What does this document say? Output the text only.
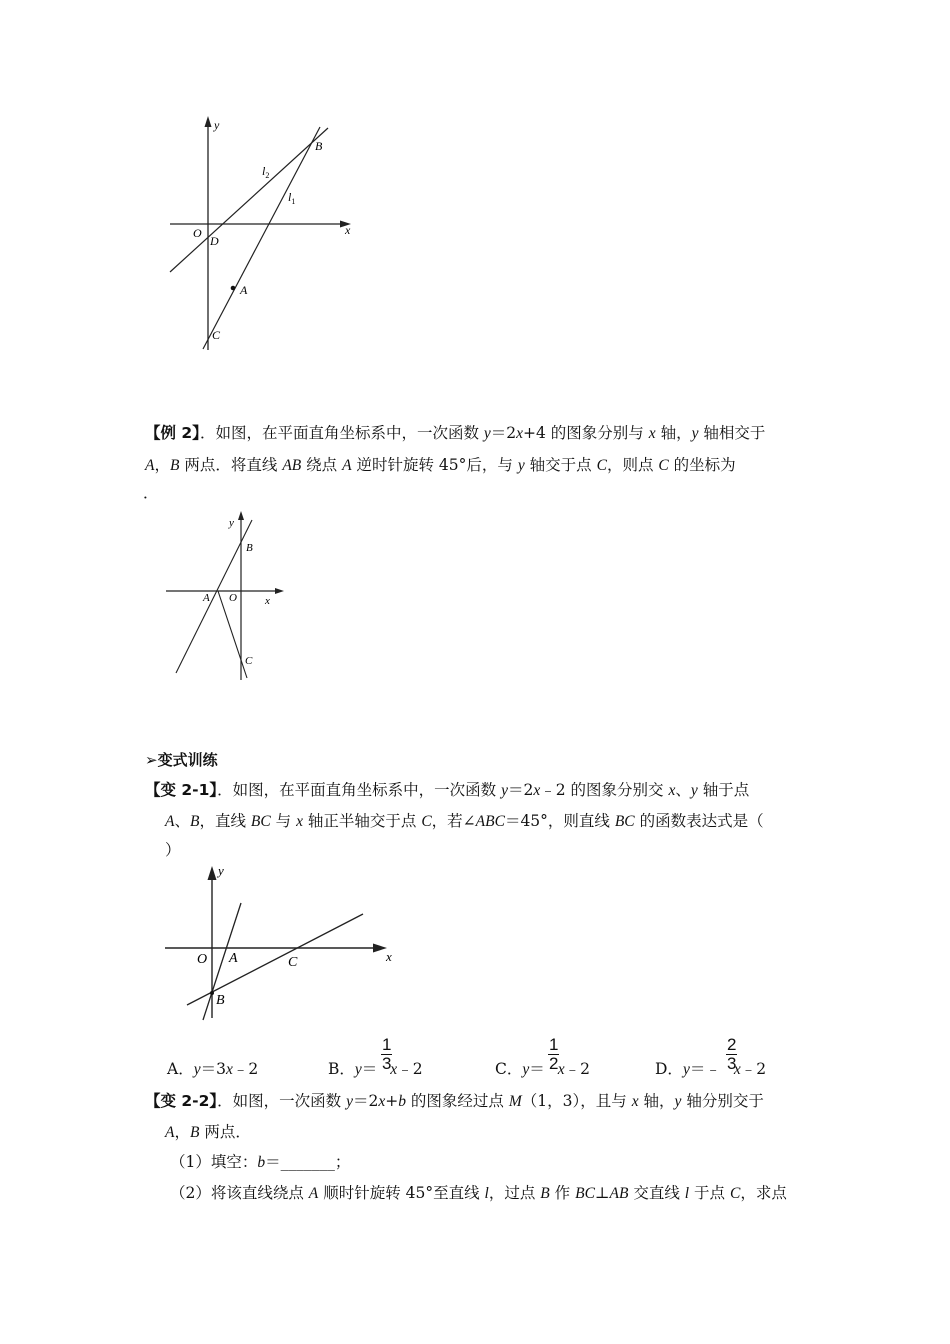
y
x
O
D
B
A
C
$l_2$
$l_1$
【例 2】．如图，在平面直角坐标系中，一次函数 y＝2x+4 的图象分别与 x 轴，y 轴相交于
A，B 两点．将直线 AB 绕点 A 逆时针旋转 45°后，与 y 轴交于点 C，则点 C 的坐标为
．
y
x
A O
B
C
➢变式训练
【变 2-1】．如图，在平面直角坐标系中，一次函数 y＝2x﹣2 的图象分别交 x、y 轴于点
A、B，直线 BC 与 x 轴正半轴交于点 C，若∠ABC＝45°，则直线 BC 的函数表达式是（
）
y
x
O A	C
B
A．y＝3x﹣2	B．y＝ x﹣2
$\frac{1}{3}$	C．y＝ x﹣2
$\frac{1}{2}$	D．y＝﹣ x﹣2
$\frac{2}{3}$
【变 2-2】．如图，一次函数 y＝2x+b 的图象经过点 M（1，3），且与 x 轴，y 轴分别交于
A，B 两点．
（1）填空：b＝_______；
（2）将该直线绕点 A 顺时针旋转 45°至直线 l，过点 B 作 BC⊥AB 交直线 l 于点 C，求点
